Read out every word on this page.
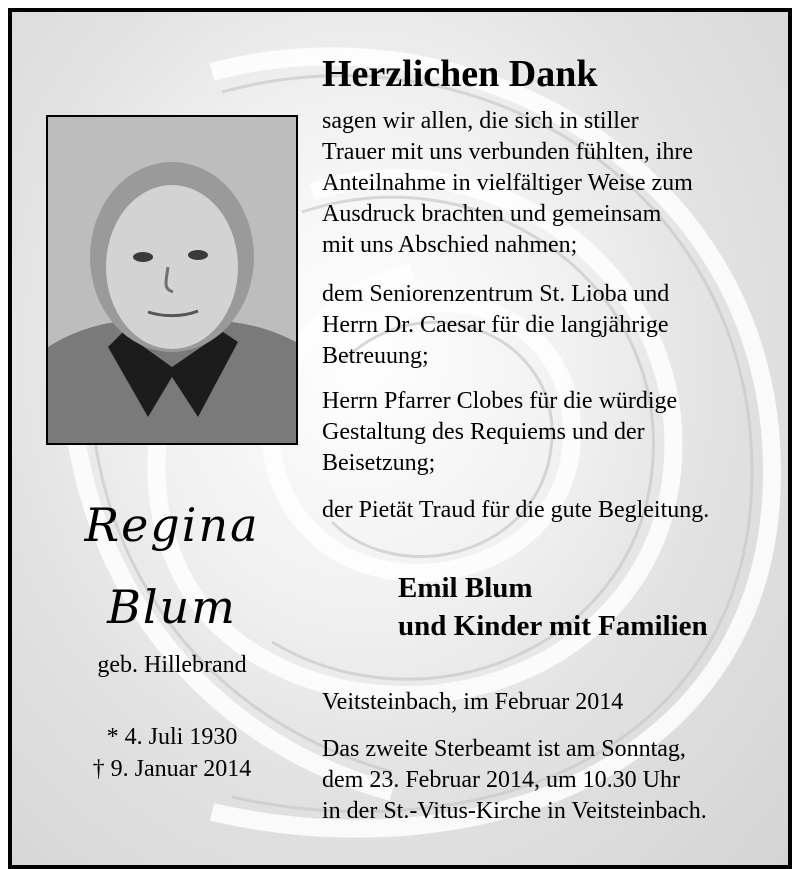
Regina
Blum
geb. Hillebrand
* 4. Juli 1930
† 9. Januar 2014
Herzlichen Dank
sagen wir allen, die sich in stiller
Trauer mit uns verbunden fühlten, ihre
Anteilnahme in vielfältiger Weise zum
Ausdruck brachten und gemeinsam
mit uns Abschied nahmen;
dem Seniorenzentrum St. Lioba und
Herrn Dr. Caesar für die langjährige
Betreuung;
Herrn Pfarrer Clobes für die würdige
Gestaltung des Requiems und der
Beisetzung;
der Pietät Traud für die gute Begleitung.
Emil Blum
und Kinder mit Familien
Veitsteinbach, im Februar 2014
Das zweite Sterbeamt ist am Sonntag,
dem 23. Februar 2014, um 10.30 Uhr
in der St.-Vitus-Kirche in Veitsteinbach.
